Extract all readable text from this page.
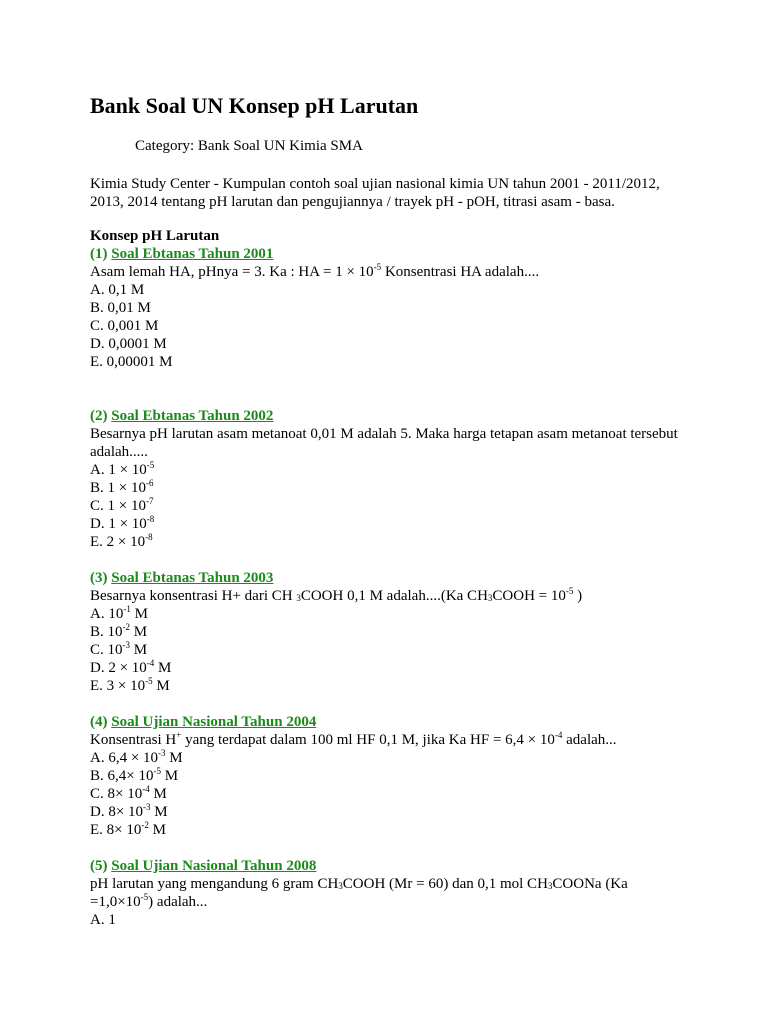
Bank Soal UN Konsep pH Larutan
Category: Bank Soal UN Kimia SMA
Kimia Study Center - Kumpulan contoh soal ujian nasional kimia UN tahun 2001 - 2011/2012, 2013, 2014 tentang pH larutan dan pengujiannya / trayek pH - pOH, titrasi asam - basa.
Konsep pH Larutan
(1) Soal Ebtanas Tahun 2001
Asam lemah HA, pHnya = 3. Ka : HA = $1 \times 10^{-5}$ Konsentrasi HA adalah....
A. 0,1 M
B. 0,01 M
C. 0,001 M
D. 0,0001 M
E. 0,00001 M
(2) Soal Ebtanas Tahun 2002
Besarnya pH larutan asam metanoat 0,01 M adalah 5. Maka harga tetapan asam metanoat tersebut adalah.....
A. $1 \times 10^{-5}$
B. $1 \times 10^{-6}$
C. $1 \times 10^{-7}$
D. $1 \times 10^{-8}$
E. $2 \times 10^{-8}$
(3) Soal Ebtanas Tahun 2003
Besarnya konsentrasi H+ dari CH $_3$COOH 0,1 M adalah....(Ka $CH_3COOH = 10^{-5}$ )
A. $10^{-1}$ M
B. $10^{-2}$ M
C. $10^{-3}$ M
D. $2 \times 10^{-4}$ M
E. $3 \times 10^{-5}$ M
(4) Soal Ujian Nasional Tahun 2004
Konsentrasi H+ yang terdapat dalam 100 ml HF 0,1 M, jika Ka HF = $6,4 \times 10^{-4}$ adalah...
A. $6,4 \times 10^{-3}$ M
B. $6,4\times 10^{-5}$ M
C. $8\times 10^{-4}$ M
D. $8\times 10^{-3}$ M
E. $8\times 10^{-2}$ M
(5) Soal Ujian Nasional Tahun 2008
pH larutan yang mengandung 6 gram $CH_3COOH$ (Mr = 60) dan 0,1 mol $CH_3COONa$ $(Ka =1,0\times 10^{-5})$ adalah...
A. 1
